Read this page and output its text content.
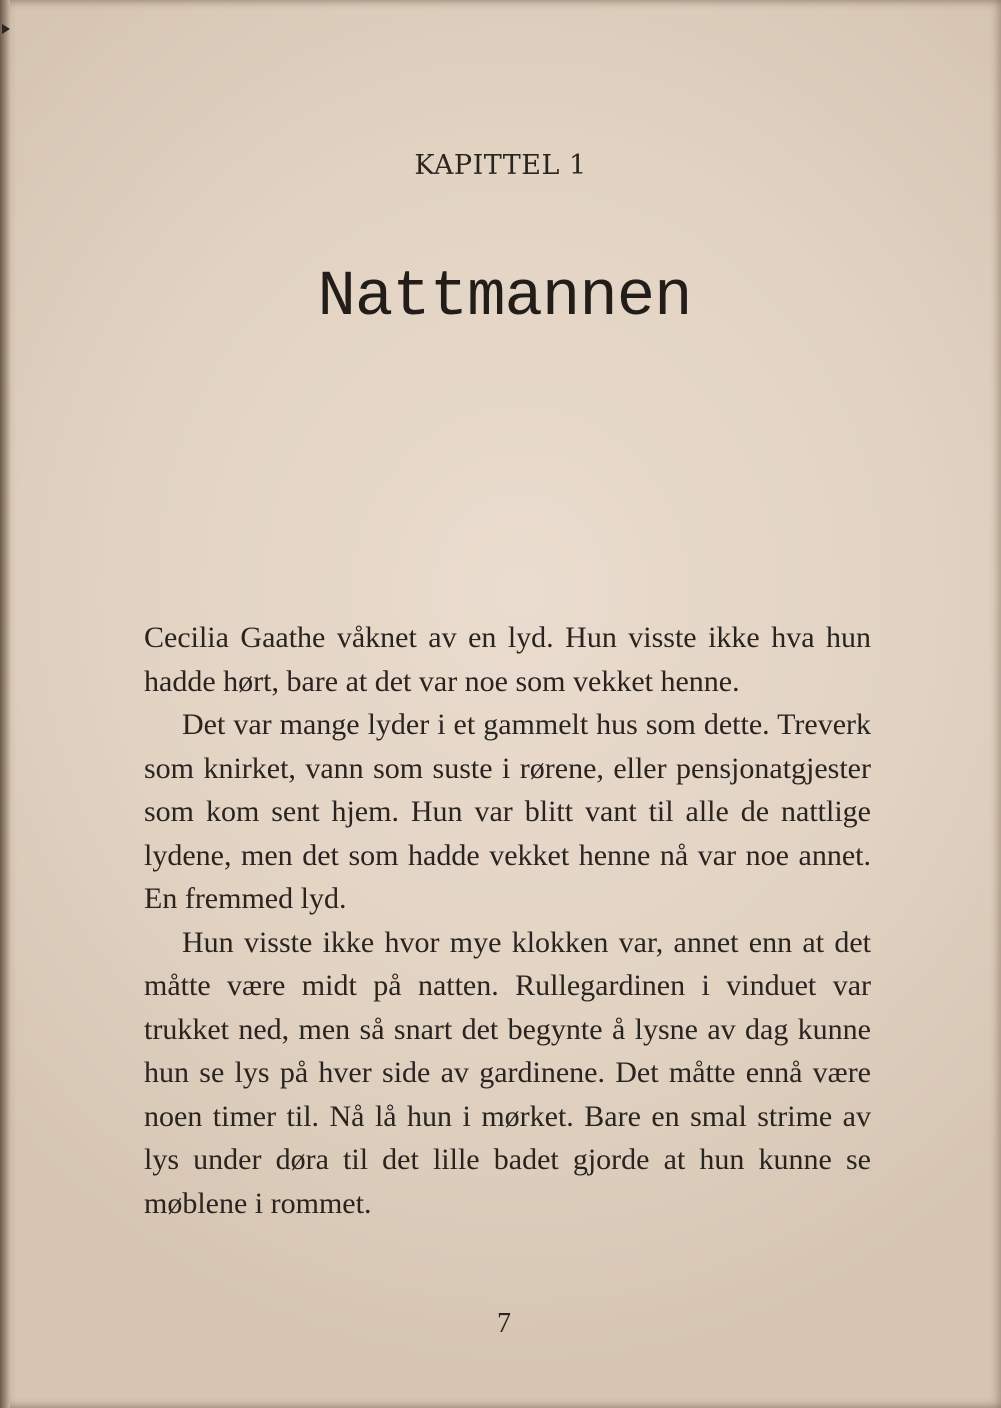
KAPITTEL 1
Nattmannen

Cecilia Gaathe våknet av en lyd. Hun visste ikke hva hun hadde hørt, bare at det var noe som vekket henne.

Det var mange lyder i et gammelt hus som dette. Treverk som knirket, vann som suste i rørene, eller pensjonatgjester som kom sent hjem. Hun var blitt vant til alle de nattlige lydene, men det som hadde vekket henne nå var noe annet. En fremmed lyd.

Hun visste ikke hvor mye klokken var, annet enn at det måtte være midt på natten. Rullegardinen i vinduet var trukket ned, men så snart det begynte å lysne av dag kunne hun se lys på hver side av gardinene. Det måtte ennå være noen timer til. Nå lå hun i mørket. Bare en smal strime av lys under døra til det lille badet gjorde at hun kunne se møblene i rommet.

7
